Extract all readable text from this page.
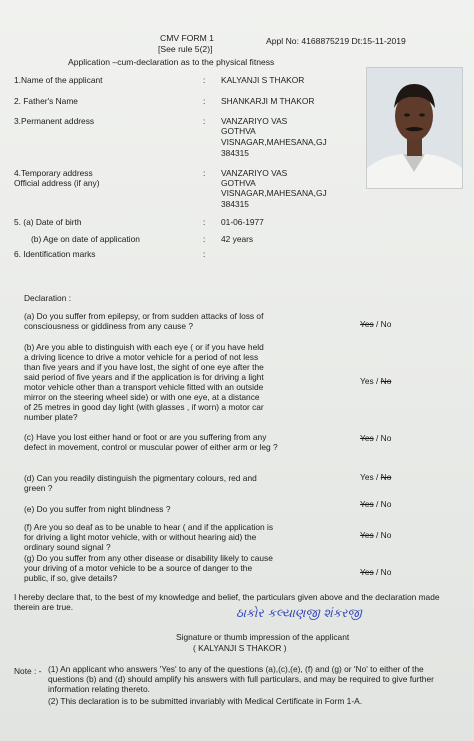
CMV FORM 1
[See rule 5(2)]
Appl No: 4168875219 Dt:15-11-2019
Application –cum-declaration as to the physical fitness
1.Name of the applicant	: KALYANJI S THAKOR
2. Father's Name	: SHANKARJI M THAKOR
3.Permanent address	: VANZARIYO VAS
GOTHVA
VISNAGAR,MAHESANA,GJ
384315
4.Temporary address
Official address (if any)
: VANZARIYO VAS
GOTHVA
VISNAGAR,MAHESANA,GJ
384315
5. (a) Date of birth	: 01-06-1977
(b) Age on date of application	: 42 years
6. Identification marks	:
Declaration :
(a) Do you suffer from epilepsy, or from sudden attacks of loss of consciousness or giddiness from any cause ?	Yes / No
(b) Are you able to distinguish with each eye ( or if you have held a driving licence to drive a motor vehicle for a period of not less than five years and if you have lost, the sight of one eye after the said period of five years and if the application is for driving a light motor vehicle other than a transport vehicle fitted with an outside mirror on the steering wheel side) or with one eye, at a distance of 25 metres in good day light (with glasses , if worn) a motor car number plate?
Yes / No
(c) Have you lost either hand or foot or are you suffering from any defect in movement, control or muscular power of either arm or leg ?
Yes / No
(d) Can you readily distinguish the pigmentary colours, red and green ?
Yes / No
(e) Do you suffer from night blindness ?	Yes / No
(f) Are you so deaf as to be unable to hear ( and if the application is for driving a light motor vehicle, with or without hearing aid) the ordinary sound signal ?
Yes / No
(g) Do you suffer from any other disease or disability likely to cause your driving of a motor vehicle to be a source of danger to the public, if so, give details?
Yes / No
I hereby declare that, to the best of my knowledge and belief, the particulars given above and the declaration made therein are true.	ઠાકોર કલ્યાણજી શંકરજી
Signature or thumb impression of the applicant
( KALYANJI S THAKOR )
Note : - (1) An applicant who answers 'Yes' to any of the questions (a),(c),(e), (f) and (g) or 'No' to either of the questions (b) and (d) should amplify his answers with full particulars, and may be required to give further information relating thereto.
(2) This declaration is to be submitted invariably with Medical Certificate in Form 1-A.
